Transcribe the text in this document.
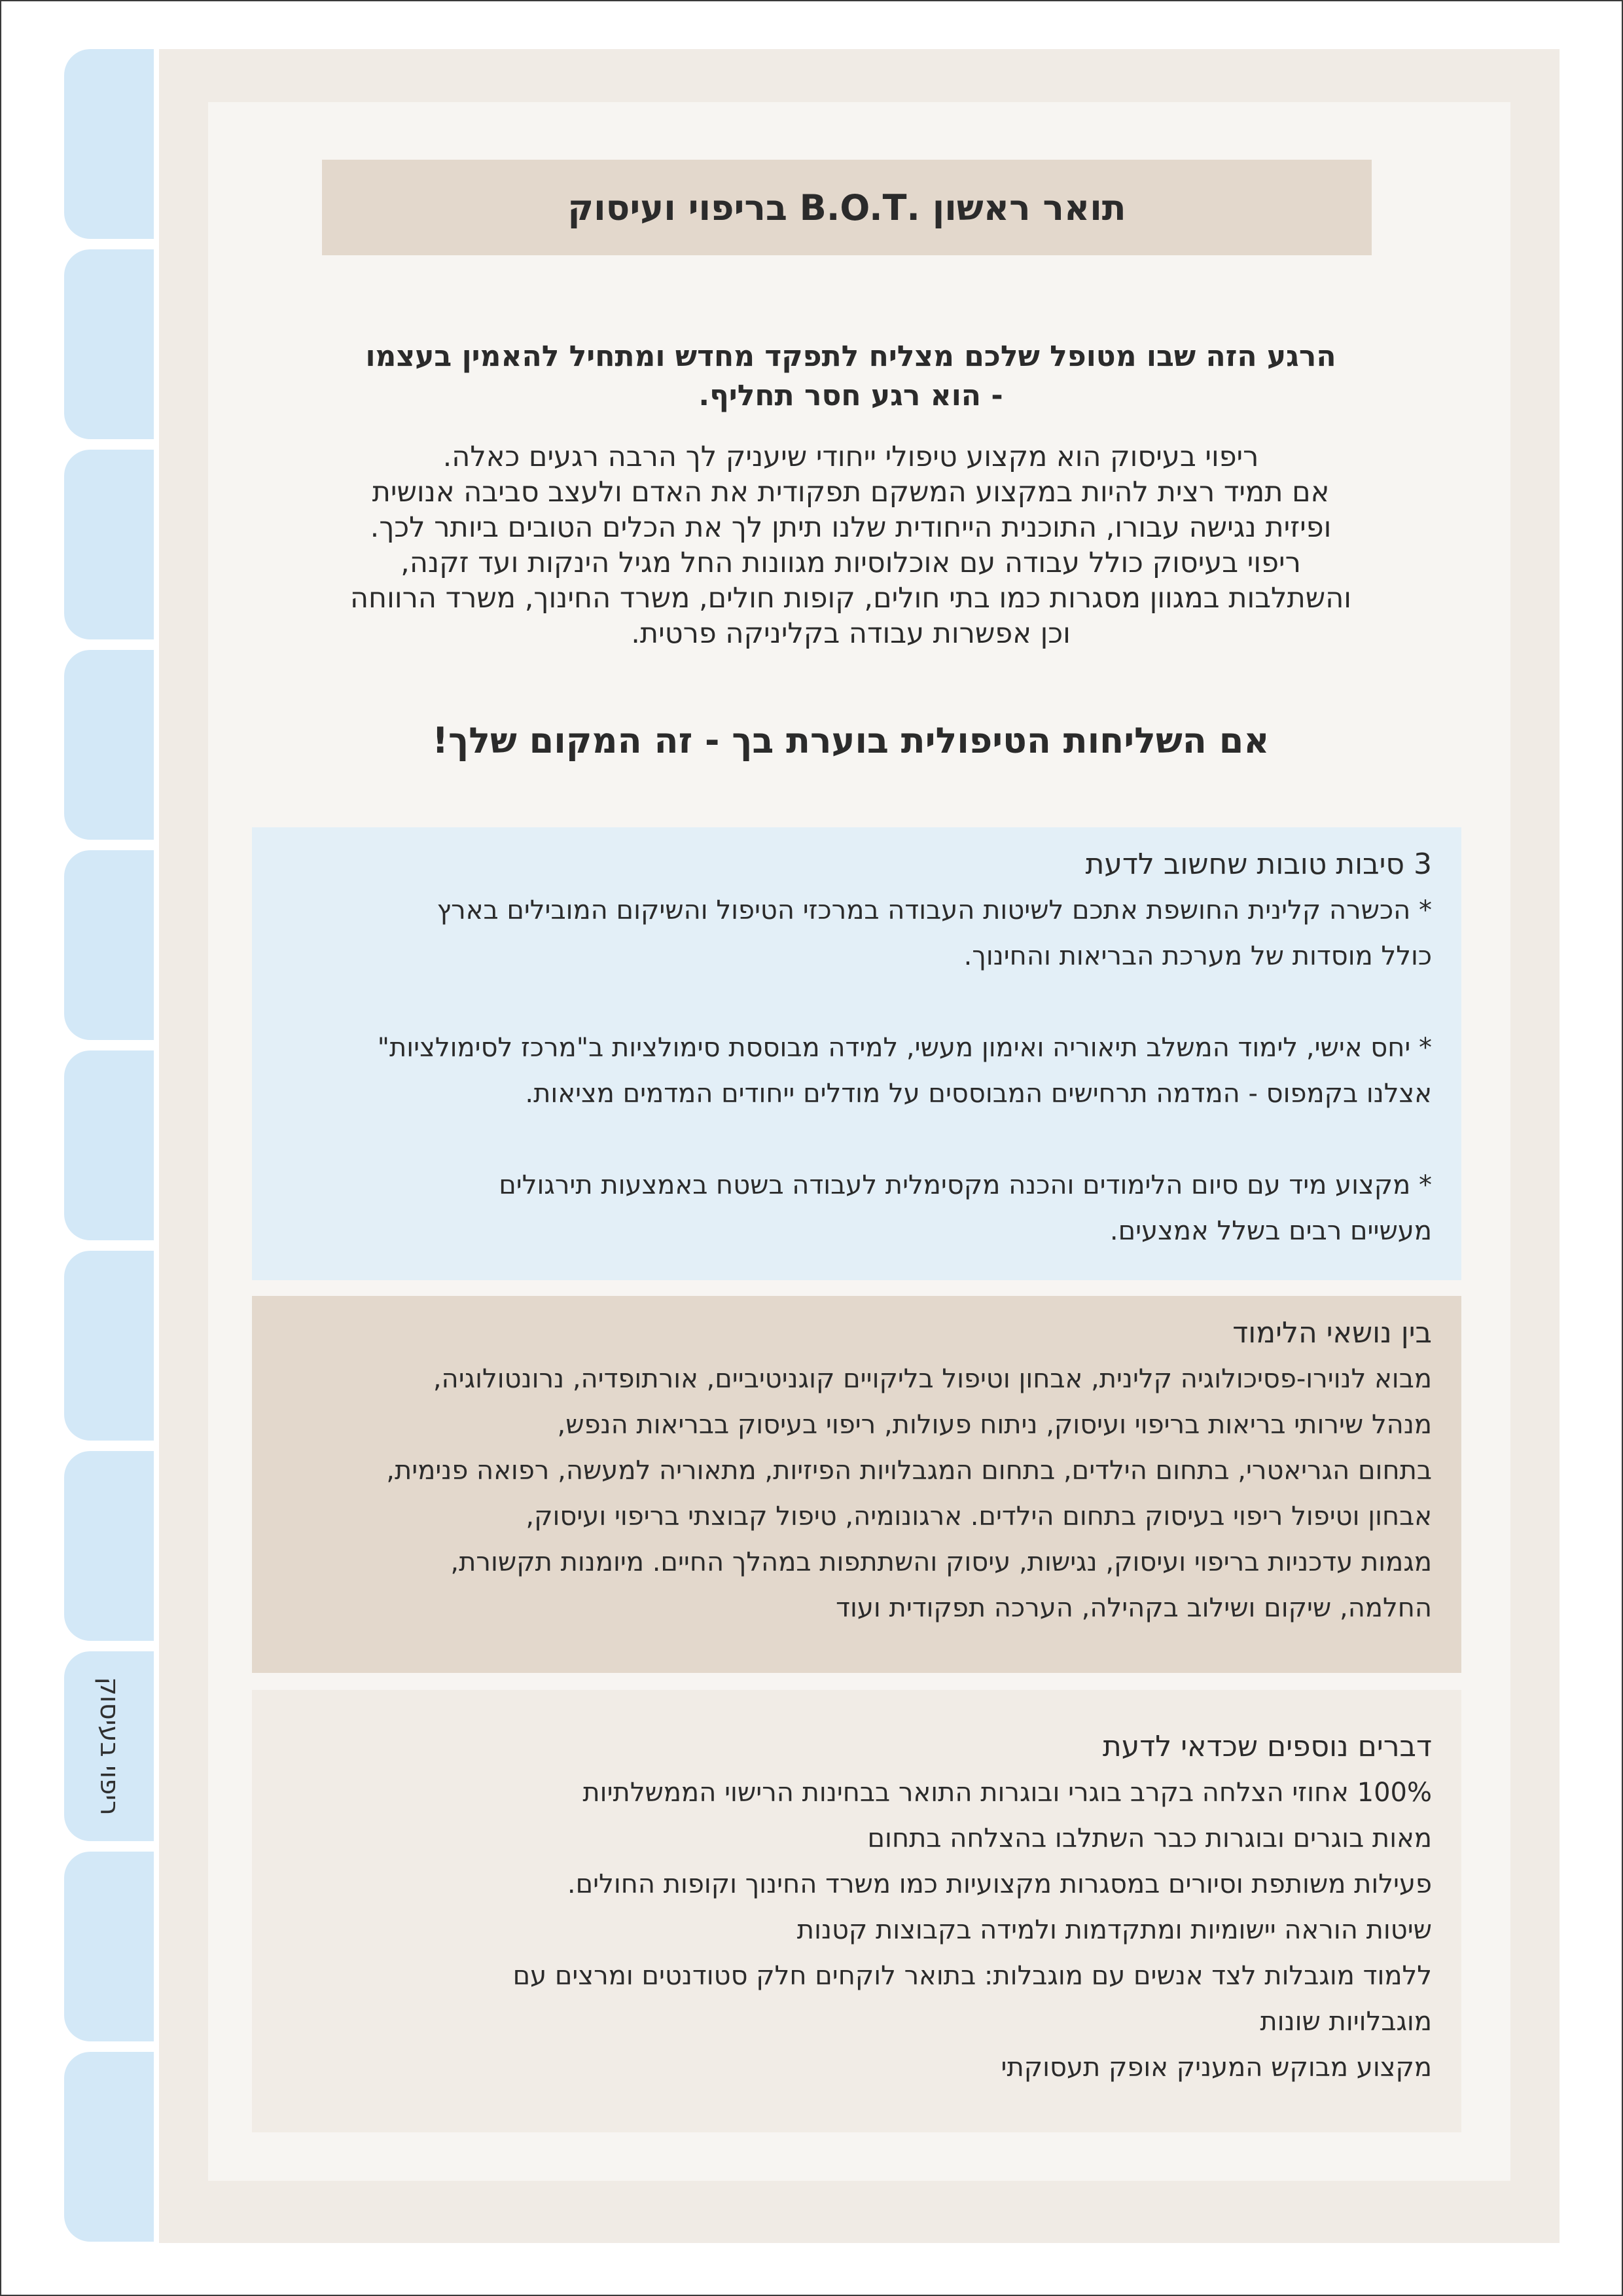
ריפוי בעיסוק
תואר ראשון .B.O.T בריפוי ועיסוק

הרגע הזה שבו מטופל שלכם מצליח לתפקד מחדש ומתחיל להאמין בעצמו
- הוא רגע חסר תחליף.

ריפוי בעיסוק הוא מקצוע טיפולי ייחודי שיעניק לך הרבה רגעים כאלה.
אם תמיד רצית להיות במקצוע המשקם תפקודית את האדם ולעצב סביבה אנושית
ופיזית נגישה עבורו, התוכנית הייחודית שלנו תיתן לך את הכלים הטובים ביותר לכך.
ריפוי בעיסוק כולל עבודה עם אוכלוסיות מגוונות החל מגיל הינקות ועד זקנה,
והשתלבות במגוון מסגרות כמו בתי חולים, קופות חולים, משרד החינוך, משרד הרווחה
וכן אפשרות עבודה בקליניקה פרטית.

אם השליחות הטיפולית בוערת בך - זה המקום שלך!

3 סיבות טובות שחשוב לדעת

* הכשרה קלינית החושפת אתכם לשיטות העבודה במרכזי הטיפול והשיקום המובילים בארץ
כולל מוסדות של מערכת הבריאות והחינוך.

* יחס אישי, לימוד המשלב תיאוריה ואימון מעשי, למידה מבוססת סימולציות ב"מרכז לסימולציות"
אצלנו בקמפוס - המדמה תרחישים המבוססים על מודלים ייחודים המדמים מציאות.

* מקצוע מיד עם סיום הלימודים והכנה מקסימלית לעבודה בשטח באמצעות תירגולים
מעשיים רבים בשלל אמצעים.

בין נושאי הלימוד

מבוא לנוירו-פסיכולוגיה קלינית, אבחון וטיפול בליקויים קוגניטיביים, אורתופדיה, נרונטולוגיה,
מנהל שירותי בריאות בריפוי ועיסוק, ניתוח פעולות, ריפוי בעיסוק בבריאות הנפש,
בתחום הגריאטרי, בתחום הילדים, בתחום המגבלויות הפיזיות, מתאוריה למעשה, רפואה פנימית,
אבחון וטיפול ריפוי בעיסוק בתחום הילדים. ארגונומיה, טיפול קבוצתי בריפוי ועיסוק,
מגמות עדכניות בריפוי ועיסוק, נגישות, עיסוק והשתתפות במהלך החיים. מיומנות תקשורת,
החלמה, שיקום ושילוב בקהילה, הערכה תפקודית ועוד

דברים נוספים שכדאי לדעת

100% אחוזי הצלחה בקרב בוגרי ובוגרות התואר בבחינות הרישוי הממשלתיות
מאות בוגרים ובוגרות כבר השתלבו בהצלחה בתחום
פעילות משותפת וסיורים במסגרות מקצועיות כמו משרד החינוך וקופות החולים.
שיטות הוראה יישומיות ומתקדמות ולמידה בקבוצות קטנות
ללמוד מוגבלות לצד אנשים עם מוגבלות: בתואר לוקחים חלק סטודנטים ומרצים עם
מוגבלויות שונות
מקצוע מבוקש המעניק אופק תעסוקתי
